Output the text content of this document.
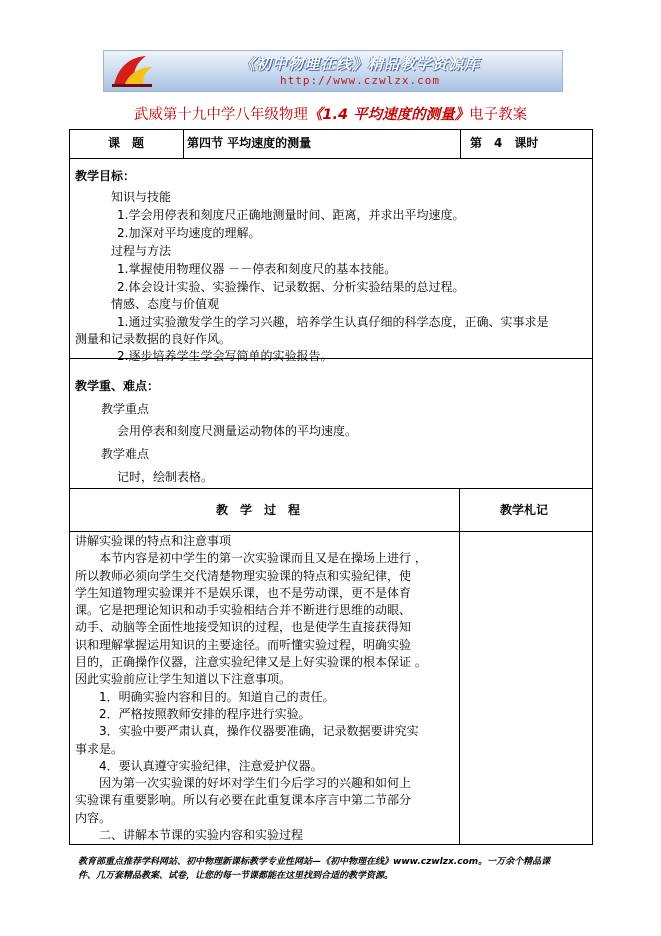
《初中物理在线》精品教学资源库
http://www.czwlzx.com
武威第十九中学八年级物理《1.4 平均速度的测量》电子教案
课　题	第四节 平均速度的测量	第　4　课时
教学目标：
知识与技能
1.学会用停表和刻度尺正确地测量时间、距离，并求出平均速度。
2.加深对平均速度的理解。
过程与方法
1.掌握使用物理仪器 －－停表和刻度尺的基本技能。
2.体会设计实验、实验操作、记录数据、分析实验结果的总过程。
情感、态度与价值观
1.通过实验激发学生的学习兴趣，培养学生认真仔细的科学态度，正确、实事求是
测量和记录数据的良好作风。
2.逐步培养学生学会写简单的实验报告。
教学重、难点：
教学重点
会用停表和刻度尺测量运动物体的平均速度。
教学难点
记时，绘制表格。
教　学　过　程	教学札记

讲解实验课的特点和注意事项

　　本节内容是初中学生的第一次实验课而且又是在操场上进行 ，

所以教师必须向学生交代清楚物理实验课的特点和实验纪律，使

学生知道物理实验课并不是娱乐课，也不是劳动课，更不是体育

课。它是把理论知识和动手实验相结合并不断进行思维的动眼、

动手、动脑等全面性地接受知识的过程，也是使学生直接获得知

识和理解掌握运用知识的主要途径。而听懂实验过程，明确实验

目的，正确操作仪器，注意实验纪律又是上好实验课的根本保证 。

因此实验前应让学生知道以下注意事项。

　　1．明确实验内容和目的。知道自己的责任。

　　2．严格按照教师安排的程序进行实验。

　　3．实验中要严肃认真，操作仪器要准确，记录数据要讲究实

事求是。

　　4．要认真遵守实验纪律，注意爱护仪器。

　　因为第一次实验课的好坏对学生们今后学习的兴趣和如何上

实验课有重要影响。所以有必要在此重复课本序言中第二节部分

内容。

　　二、讲解本节课的实验内容和实验过程

教育部重点推荐学科网站、初中物理新课标教学专业性网站—《初中物理在线》www.czwlzx.com。一万余个精品课
件、几万套精品教案、试卷，让您的每一节课都能在这里找到合适的教学资源。
